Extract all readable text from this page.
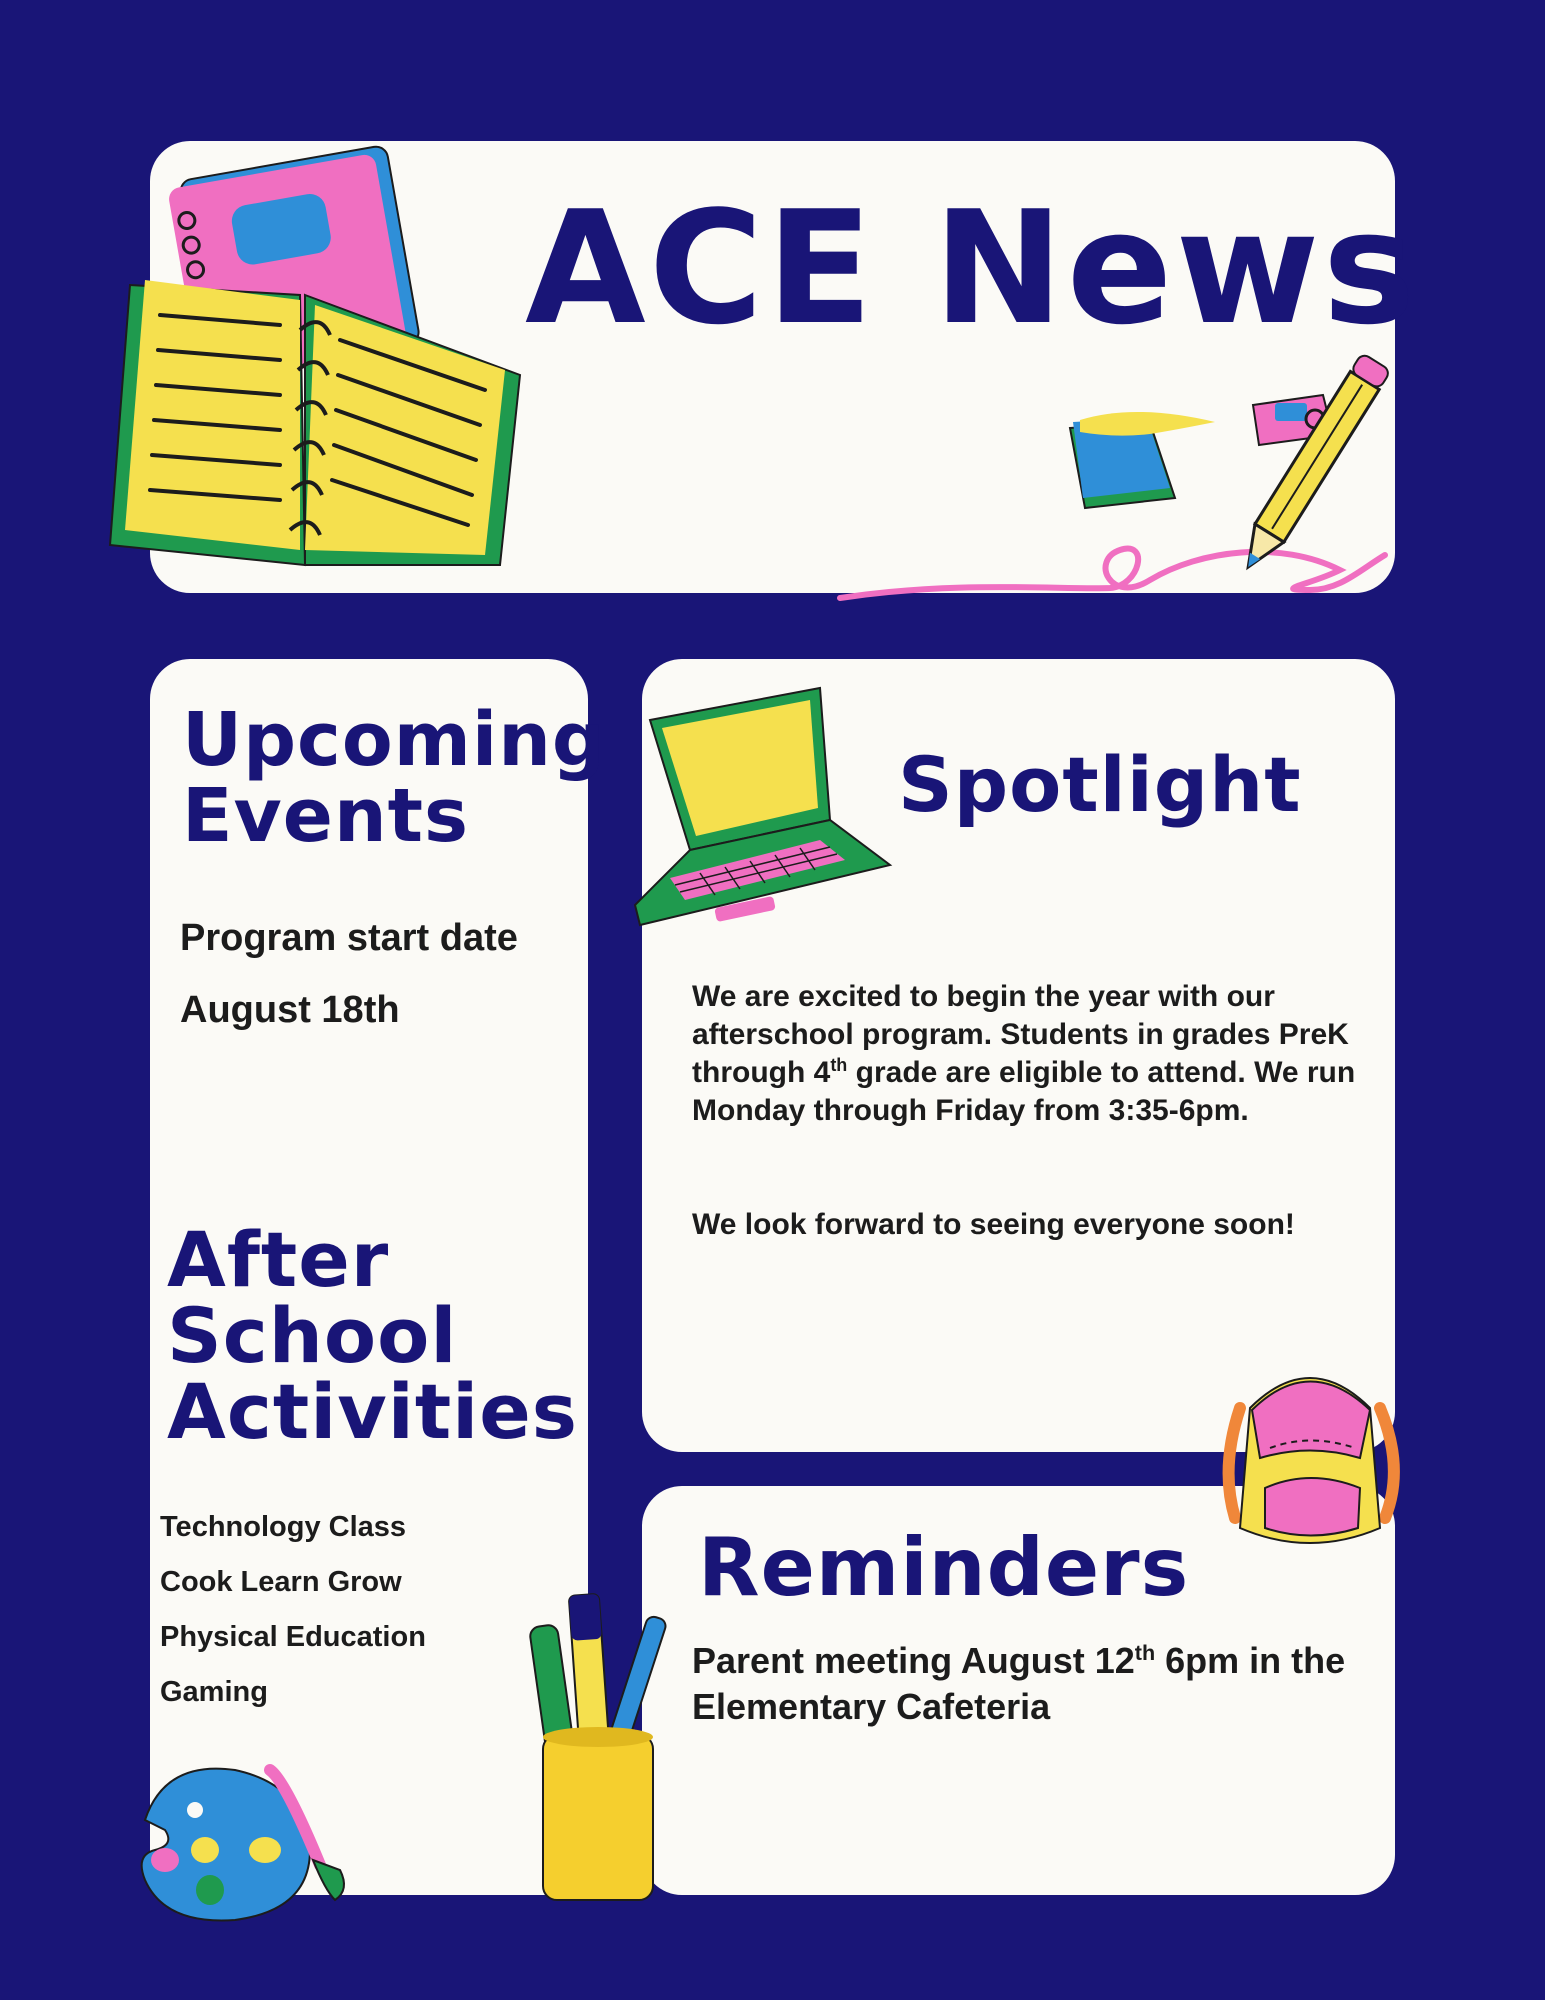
ACE News
Upcoming
Events

Program start date

August 18th

After
School
Activities
Technology Class
Cook Learn Grow
Physical Education
Gaming
Spotlight

We are excited to begin the year with our afterschool program. Students in grades PreK through 4th grade are eligible to attend. We run Monday through Friday from 3:35-6pm.

We look forward to seeing everyone soon!

Reminders

Parent meeting August 12th 6pm in the Elementary Cafeteria
